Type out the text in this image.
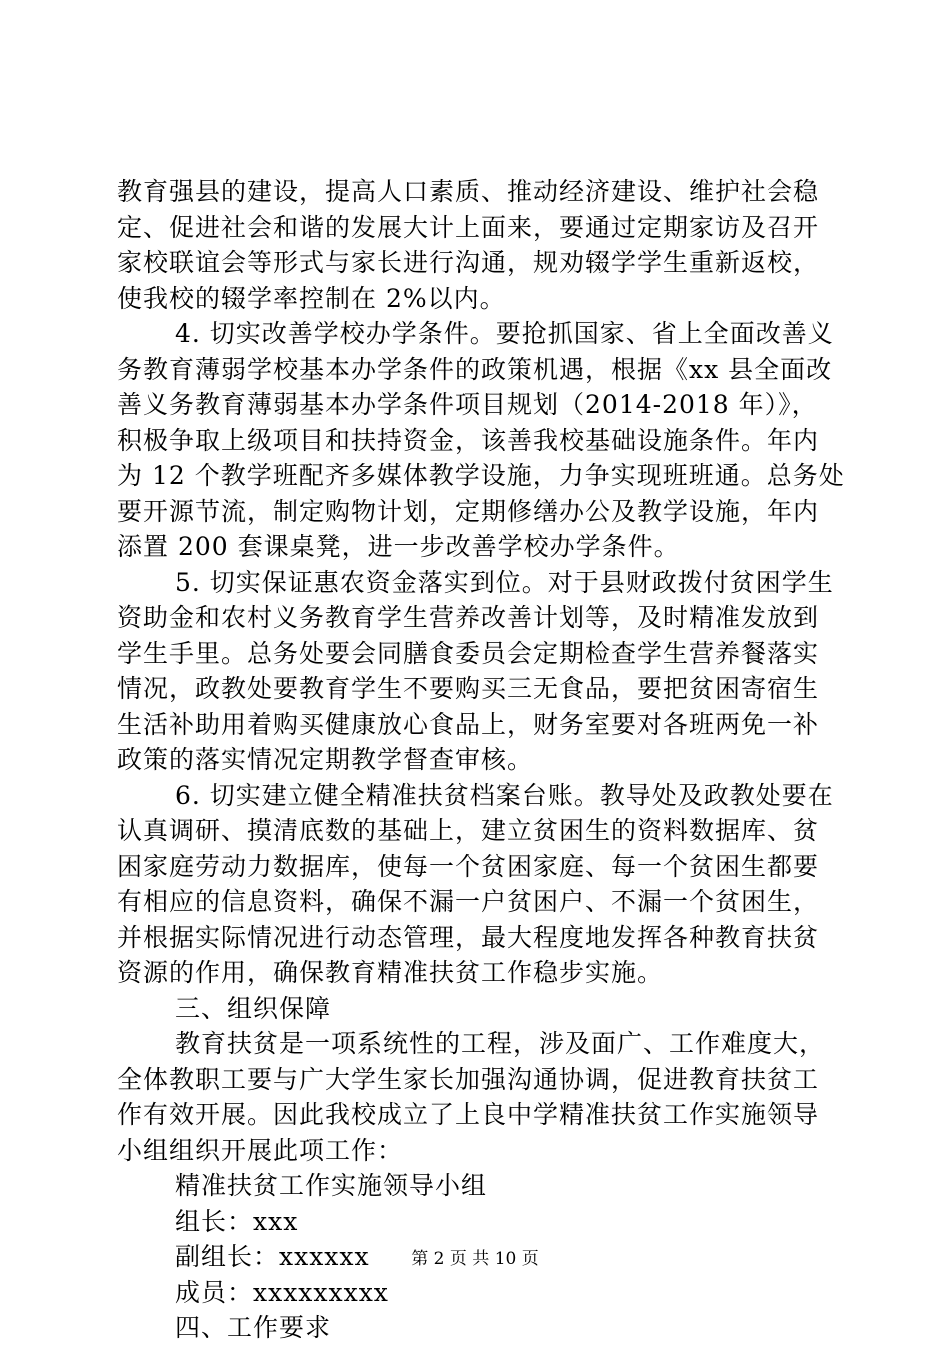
教育强县的建设，提高人口素质、推动经济建设、维护社会稳
定、促进社会和谐的发展大计上面来，要通过定期家访及召开
家校联谊会等形式与家长进行沟通，规劝辍学学生重新返校，
使我校的辍学率控制在 2%以内。
4. 切实改善学校办学条件。要抢抓国家、省上全面改善义
务教育薄弱学校基本办学条件的政策机遇，根据《xx 县全面改
善义务教育薄弱基本办学条件项目规划（2014-2018 年）》，
积极争取上级项目和扶持资金，该善我校基础设施条件。年内
为 12 个教学班配齐多媒体教学设施，力争实现班班通。总务处
要开源节流，制定购物计划，定期修缮办公及教学设施，年内
添置 200 套课桌凳，进一步改善学校办学条件。
5. 切实保证惠农资金落实到位。对于县财政拨付贫困学生
资助金和农村义务教育学生营养改善计划等，及时精准发放到
学生手里。总务处要会同膳食委员会定期检查学生营养餐落实
情况，政教处要教育学生不要购买三无食品，要把贫困寄宿生
生活补助用着购买健康放心食品上，财务室要对各班两免一补
政策的落实情况定期教学督查审核。
6. 切实建立健全精准扶贫档案台账。教导处及政教处要在
认真调研、摸清底数的基础上，建立贫困生的资料数据库、贫
困家庭劳动力数据库，使每一个贫困家庭、每一个贫困生都要
有相应的信息资料，确保不漏一户贫困户、不漏一个贫困生，
并根据实际情况进行动态管理，最大程度地发挥各种教育扶贫
资源的作用，确保教育精准扶贫工作稳步实施。
三、组织保障
教育扶贫是一项系统性的工程，涉及面广、工作难度大，
全体教职工要与广大学生家长加强沟通协调，促进教育扶贫工
作有效开展。因此我校成立了上良中学精准扶贫工作实施领导
小组组织开展此项工作：
精准扶贫工作实施领导小组
组长：xxx
副组长：xxxxxx
成员：xxxxxxxxx
四、工作要求
第 2 页 共 10 页
